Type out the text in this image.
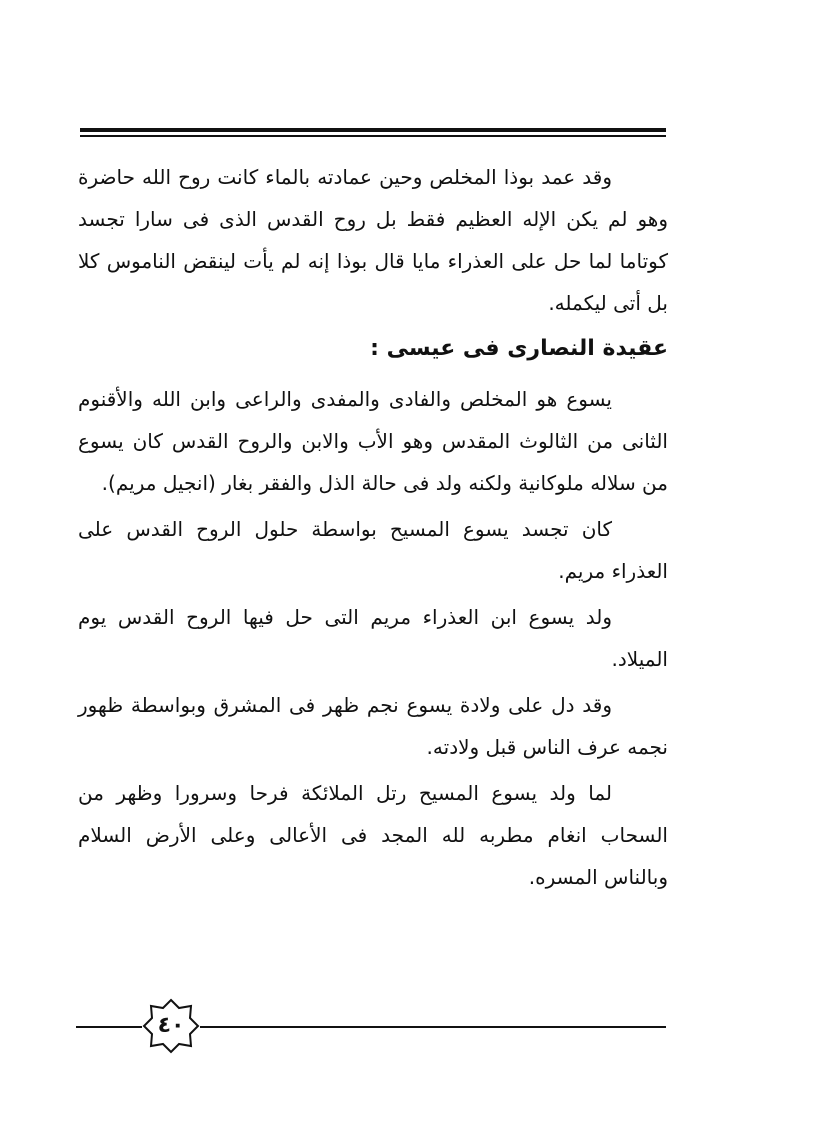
وقد عمد بوذا المخلص وحين عمادته بالماء كانت روح الله حاضرة وهو لم يكن الإله العظيم فقط بل روح القدس الذى فى سارا تجسد كوتاما لما حل على العذراء مايا قال بوذا إنه لم يأت لينقض الناموس كلا بل أتى ليكمله.

عقيدة النصارى فى عيسى :

يسوع هو المخلص والفادى والمفدى والراعى وابن الله والأقنوم الثانى من الثالوث المقدس وهو الأب والابن والروح القدس كان يسوع من سلاله ملوكانية ولكنه ولد فى حالة الذل والفقر بغار (انجيل مريم).

كان تجسد يسوع المسيح بواسطة حلول الروح القدس على العذراء مريم.

ولد يسوع ابن العذراء مريم التى حل فيها الروح القدس يوم الميلاد.

وقد دل على ولادة يسوع نجم ظهر فى المشرق وبواسطة ظهور نجمه عرف الناس قبل ولادته.

لما ولد يسوع المسيح رتل الملائكة فرحا وسرورا وظهر من السحاب انغام مطربه لله المجد فى الأعالى وعلى الأرض السلام وبالناس المسره.

٤٠
